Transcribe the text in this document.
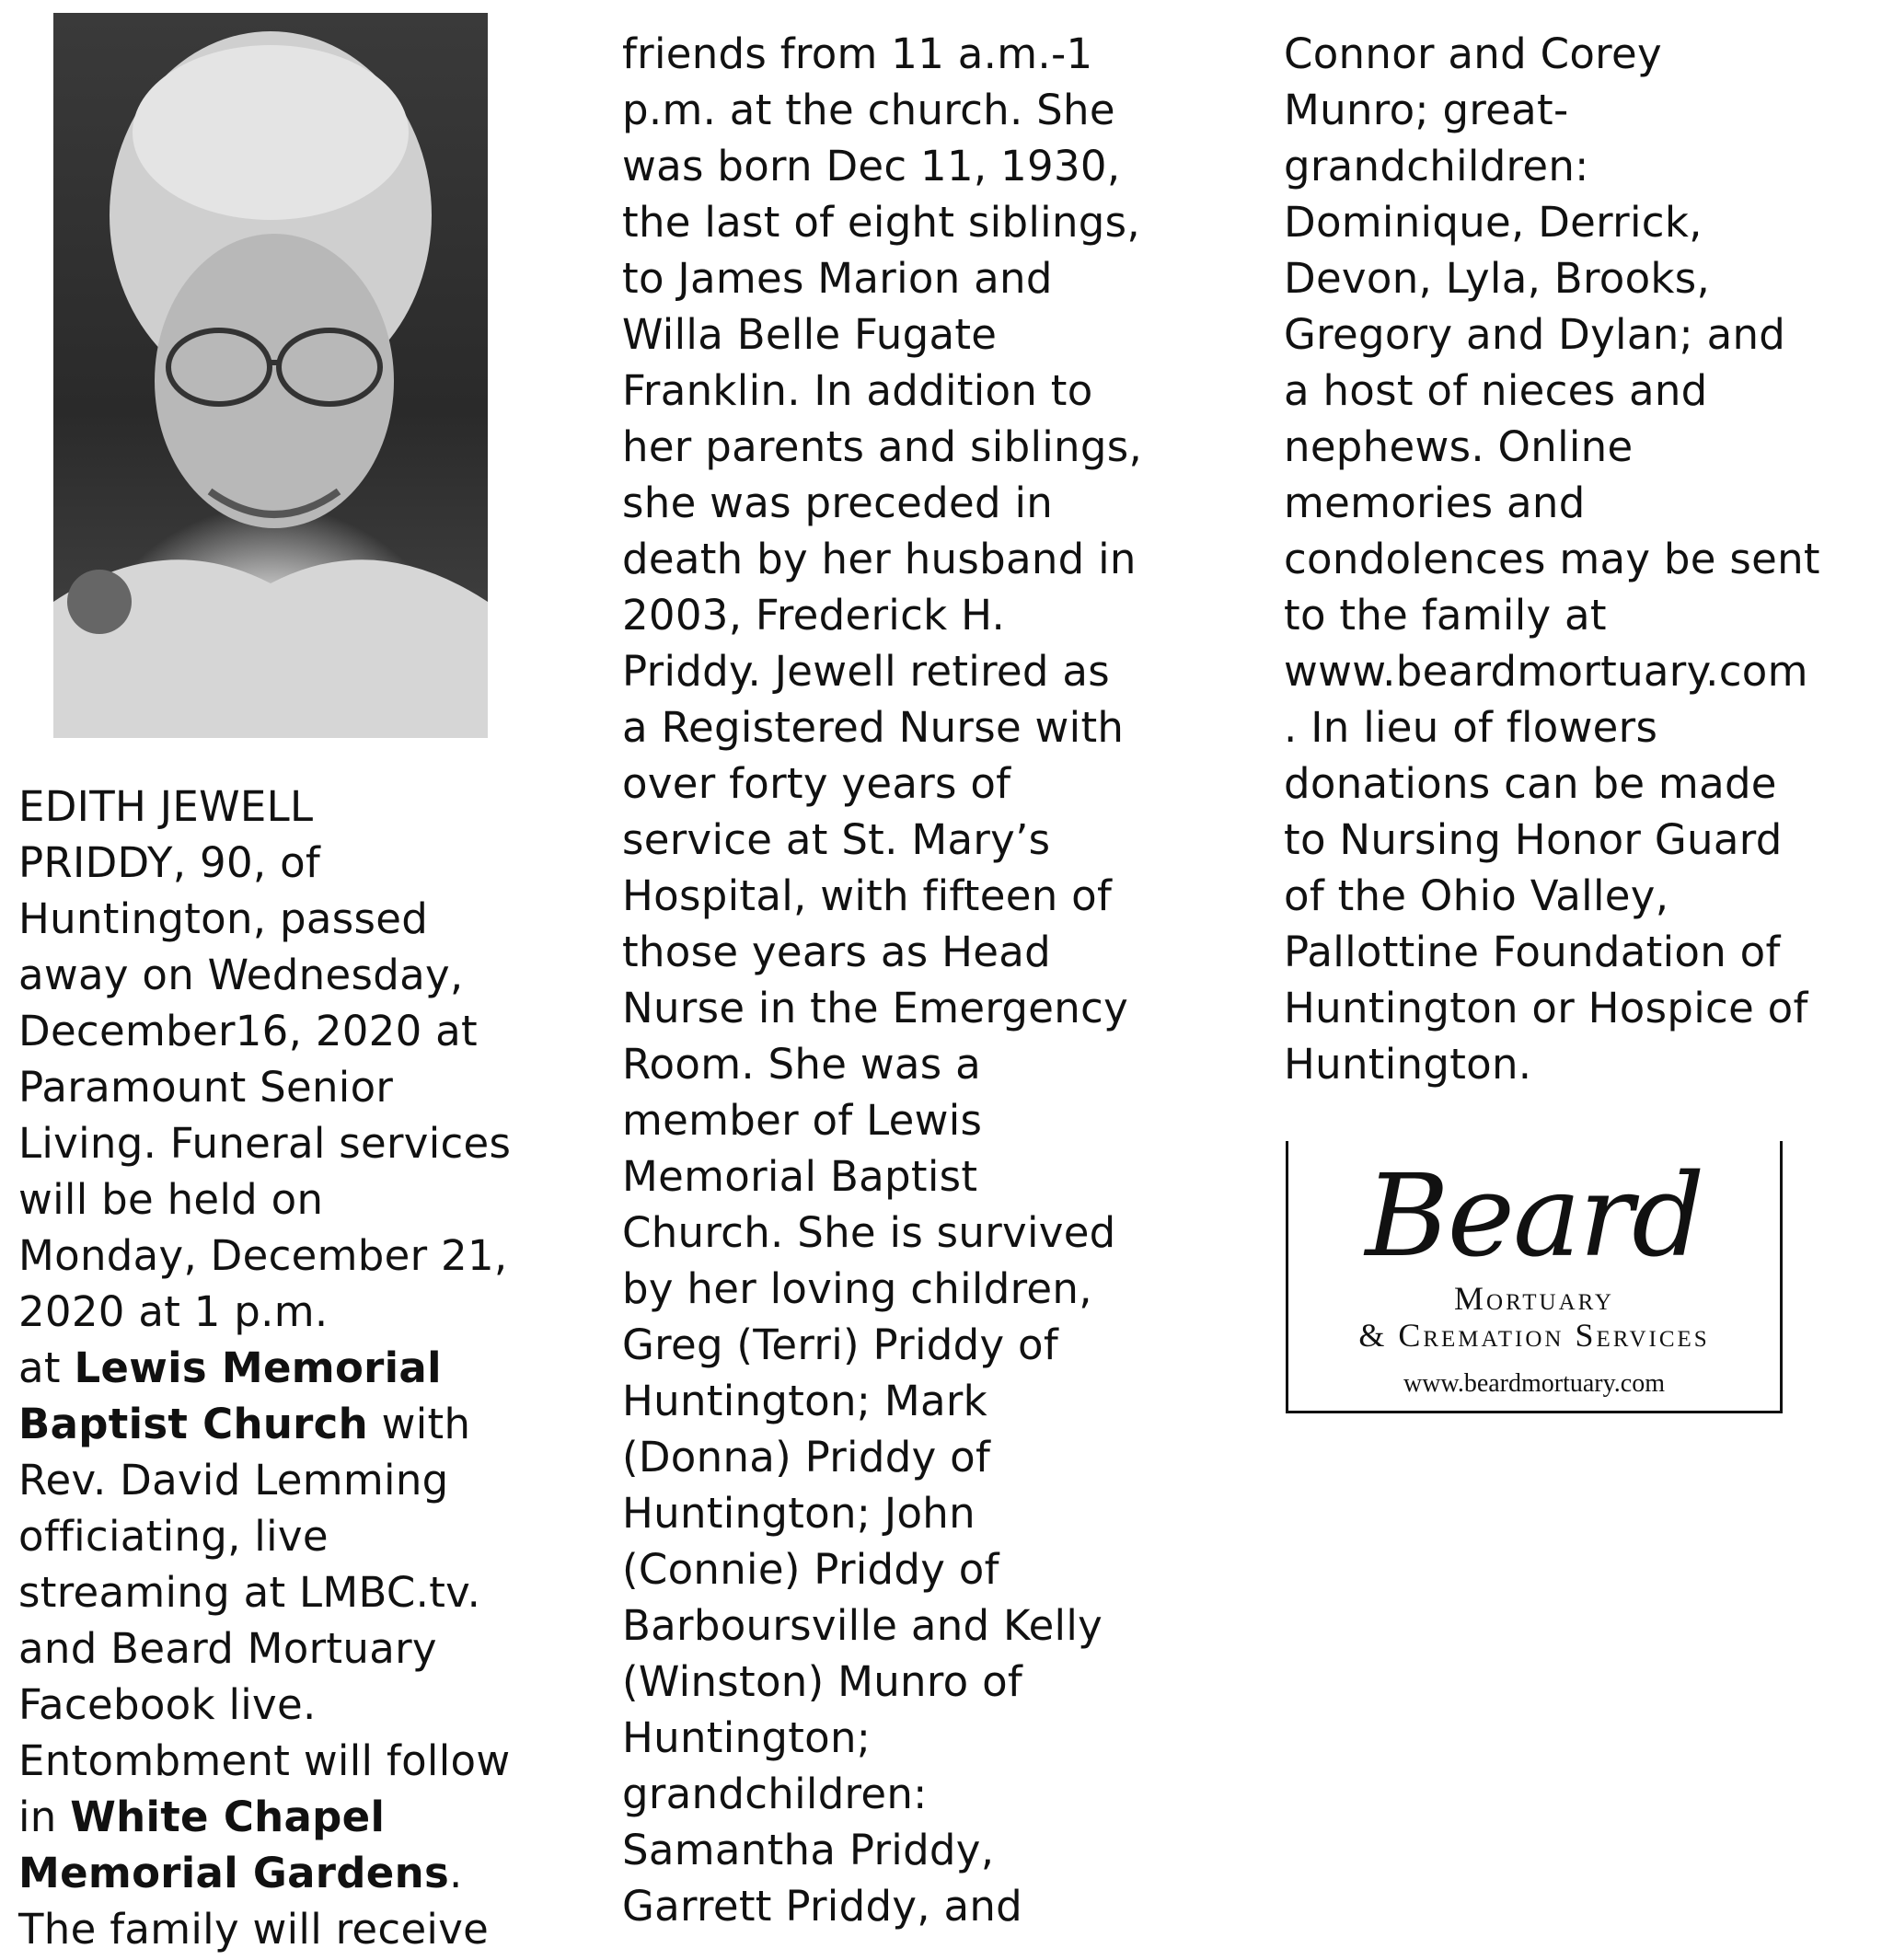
EDITH JEWELL
PRIDDY, 90, of
Huntington, passed
away on Wednesday,
December16, 2020 at
Paramount Senior
Living. Funeral services
will be held on
Monday, December 21,
2020 at 1 p.m.
at Lewis Memorial
Baptist Church with
Rev. David Lemming
officiating, live
streaming at LMBC.tv.
and Beard Mortuary
Facebook live.
Entombment will follow
in White Chapel
Memorial Gardens.
The family will receive
friends from 11 a.m.-1
p.m. at the church. She
was born Dec 11, 1930,
the last of eight siblings,
to James Marion and
Willa Belle Fugate
Franklin. In addition to
her parents and siblings,
she was preceded in
death by her husband in
2003, Frederick H.
Priddy. Jewell retired as
a Registered Nurse with
over forty years of
service at St. Mary’s
Hospital, with fifteen of
those years as Head
Nurse in the Emergency
Room. She was a
member of Lewis
Memorial Baptist
Church. She is survived
by her loving children,
Greg (Terri) Priddy of
Huntington; Mark
(Donna) Priddy of
Huntington; John
(Connie) Priddy of
Barboursville and Kelly
(Winston) Munro of
Huntington;
grandchildren:
Samantha Priddy,
Garrett Priddy, and
Connor and Corey
Munro; great-
grandchildren:
Dominique, Derrick,
Devon, Lyla, Brooks,
Gregory and Dylan; and
a host of nieces and
nephews. Online
memories and
condolences may be sent
to the family at
www.beardmortuary.com
. In lieu of flowers
donations can be made
to Nursing Honor Guard
of the Ohio Valley,
Pallottine Foundation of
Huntington or Hospice of
Huntington.
Beard
Mortuary
& Cremation Services
www.beardmortuary.com
